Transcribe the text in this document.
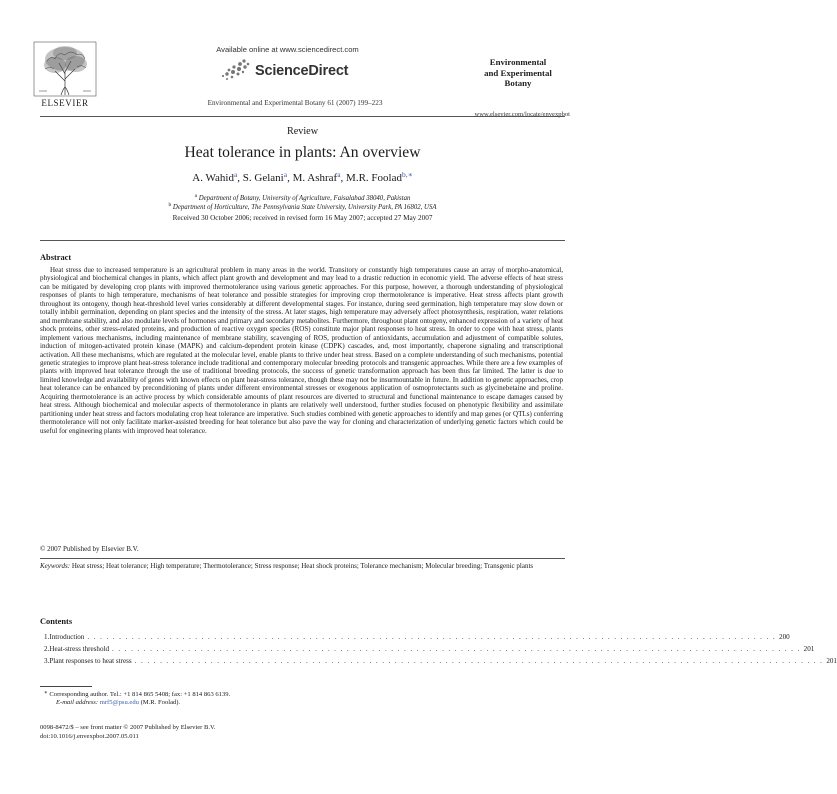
ELSEVIER
Available online at www.sciencedirect.com
ScienceDirect
Environmental and Experimental Botany 61 (2007) 199–223
Environmental
and Experimental
Botany
www.elsevier.com/locate/envexpbot
Review
Heat tolerance in plants: An overview
A. Wahid$^a$, S. Gelani$^a$, M. Ashraf$^a$, M.R. Foolad$^{b,∗}$
$^a$ Department of Botany, University of Agriculture, Faisalabad 38040, Pakistan
$^b$ Department of Horticulture, The Pennsylvania State University, University Park, PA 16802, USA
Received 30 October 2006; received in revised form 16 May 2007; accepted 27 May 2007
Abstract
Heat stress due to increased temperature is an agricultural problem in many areas in the world. Transitory or constantly high temperatures cause an array of morpho-anatomical, physiological and biochemical changes in plants, which affect plant growth and development and may lead to a drastic reduction in economic yield. The adverse effects of heat stress can be mitigated by developing crop plants with improved thermotolerance using various genetic approaches. For this purpose, however, a thorough understanding of physiological responses of plants to high temperature, mechanisms of heat tolerance and possible strategies for improving crop thermotolerance is imperative. Heat stress affects plant growth throughout its ontogeny, though heat-threshold level varies considerably at different developmental stages. For instance, during seed germination, high temperature may slow down or totally inhibit germination, depending on plant species and the intensity of the stress. At later stages, high temperature may adversely affect photosynthesis, respiration, water relations and membrane stability, and also modulate levels of hormones and primary and secondary metabolites. Furthermore, throughout plant ontogeny, enhanced expression of a variety of heat shock proteins, other stress-related proteins, and production of reactive oxygen species (ROS) constitute major plant responses to heat stress. In order to cope with heat stress, plants implement various mechanisms, including maintenance of membrane stability, scavenging of ROS, production of antioxidants, accumulation and adjustment of compatible solutes, induction of mitogen-activated protein kinase (MAPK) and calcium-dependent protein kinase (CDPK) cascades, and, most importantly, chaperone signaling and transcriptional activation. All these mechanisms, which are regulated at the molecular level, enable plants to thrive under heat stress. Based on a complete understanding of such mechanisms, potential genetic strategies to improve plant heat-stress tolerance include traditional and contemporary molecular breeding protocols and transgenic approaches. While there are a few examples of plants with improved heat tolerance through the use of traditional breeding protocols, the success of genetic transformation approach has been thus far limited. The latter is due to limited knowledge and availability of genes with known effects on plant heat-stress tolerance, though these may not be insurmountable in future. In addition to genetic approaches, crop heat tolerance can be enhanced by preconditioning of plants under different environmental stresses or exogenous application of osmoprotectants such as glycinebetaine and proline. Acquiring thermotolerance is an active process by which considerable amounts of plant resources are diverted to structural and functional maintenance to escape damages caused by heat stress. Although biochemical and molecular aspects of thermotolerance in plants are relatively well understood, further studies focused on phenotypic flexibility and assimilate partitioning under heat stress and factors modulating crop heat tolerance are imperative. Such studies combined with genetic approaches to identify and map genes (or QTLs) conferring thermotolerance will not only facilitate marker-assisted breeding for heat tolerance but also pave the way for cloning and characterization of underlying genetic factors which could be useful for engineering plants with improved heat tolerance.
© 2007 Published by Elsevier B.V.
Keywords: Heat stress; Heat tolerance; High temperature; Thermotolerance; Stress response; Heat shock proteins; Tolerance mechanism; Molecular breeding; Transgenic plants
Contents
1. Introduction . . . . . . . . . . . . . . . . . . . . . . . . . . . . . . . . . . . . . . . . . . . . . . . . . . . . . . . . . . . . . . . . . . . . . . . . . . . . . . . . . . . . . . . . . . . . . . . . . . . . . . . . . . . . . 200
2. Heat-stress threshold . . . . . . . . . . . . . . . . . . . . . . . . . . . . . . . . . . . . . . . . . . . . . . . . . . . . . . . . . . . . . . . . . . . . . . . . . . . . . . . . . . . . . . . . . . . . . . . . . . . . . . . . . . . . . 201
3. Plant responses to heat stress . . . . . . . . . . . . . . . . . . . . . . . . . . . . . . . . . . . . . . . . . . . . . . . . . . . . . . . . . . . . . . . . . . . . . . . . . . . . . . . . . . . . . . . . . . . . . . . . . . . . . . . . . . . . . 201
∗ Corresponding author. Tel.: +1 814 865 5408; fax: +1 814 863 6139.
E-mail address: mrf5@psu.edu (M.R. Foolad).
0098-8472/$ – see front matter © 2007 Published by Elsevier B.V.
doi:10.1016/j.envexpbot.2007.05.011
